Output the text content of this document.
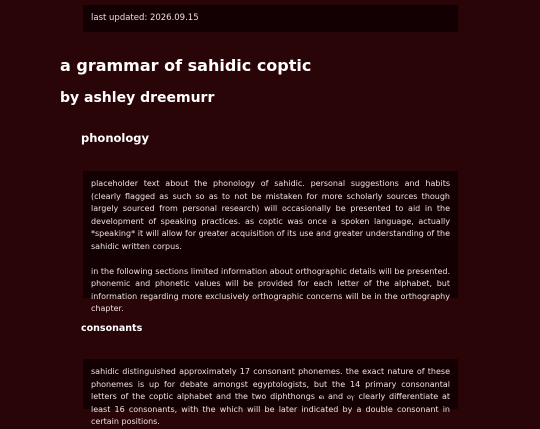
last updated: 2026.09.15
a grammar of sahidic coptic
by ashley dreemurr
phonology

placeholder text about the phonology of sahidic. personal suggestions and habits (clearly flagged as such so as to not be mistaken for more scholarly sources though largely sourced from personal research) will occasionally be presented to aid in the development of speaking practices. as coptic was once a spoken language, actually *speaking* it will allow for greater acquisition of its use and greater understanding of the sahidic written corpus.

in the following sections limited information about orthographic details will be presented. phonemic and phonetic values will be provided for each letter of the alphabet, but information regarding more exclusively orthographic concerns will be in the orthography chapter.

consonants

sahidic distinguished approximately 17 consonant phonemes. the exact nature of these phonemes is up for debate amongst egyptologists, but the 14 primary consonantal letters of the coptic alphabet and the two diphthongs ⲉⲓ and ⲟⲩ clearly differentiate at least 16 consonants, with the which will be later indicated by a double consonant in certain positions.
